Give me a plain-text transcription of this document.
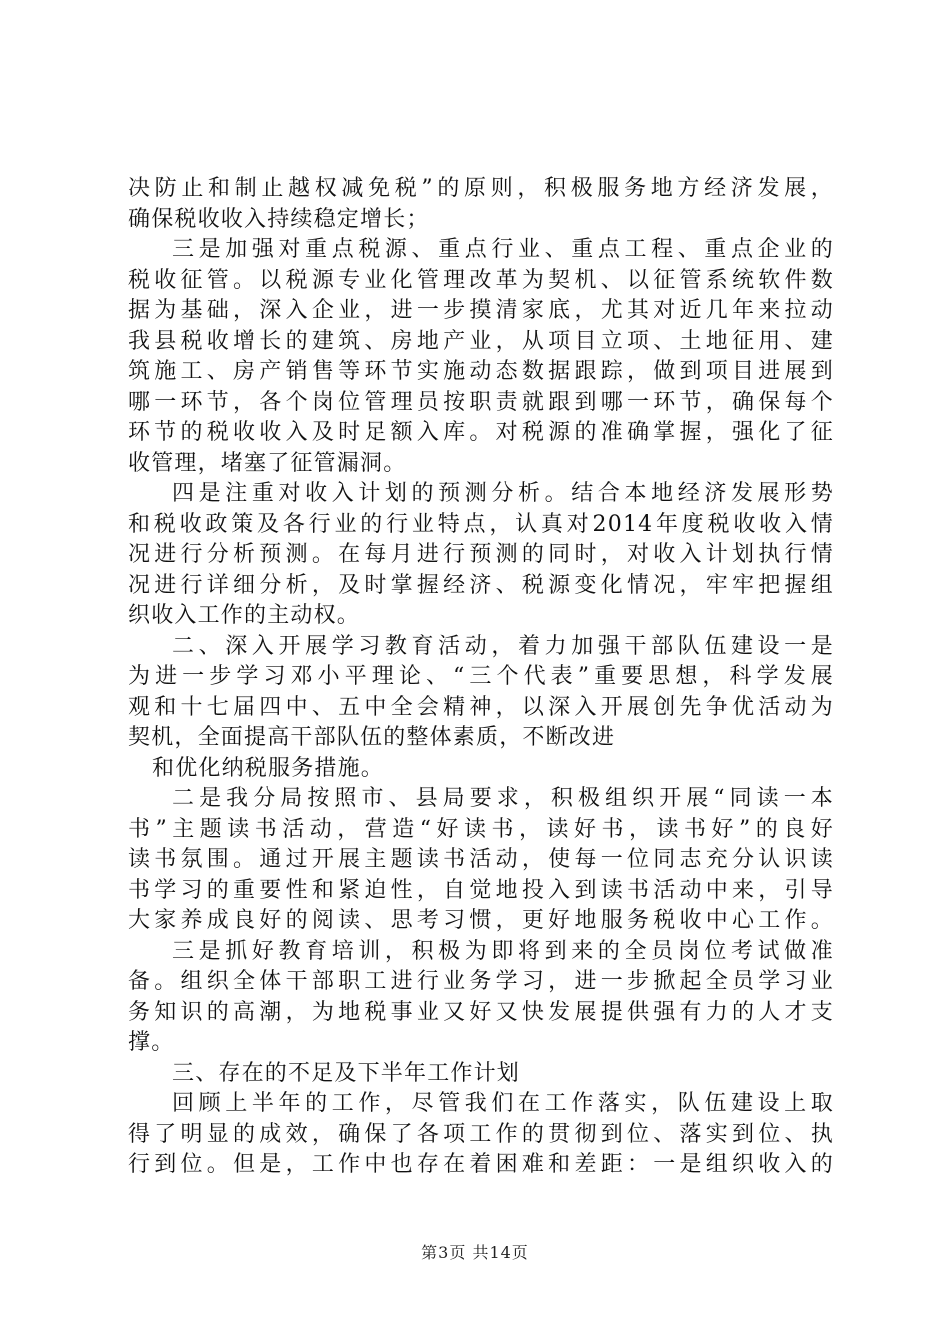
决防止和制止越权减免税”的原则，积极服务地方经济发展，
确保税收收入持续稳定增长；
三是加强对重点税源、重点行业、重点工程、重点企业的
税收征管。以税源专业化管理改革为契机、以征管系统软件数
据为基础，深入企业，进一步摸清家底，尤其对近几年来拉动
我县税收增长的建筑、房地产业，从项目立项、土地征用、建
筑施工、房产销售等环节实施动态数据跟踪，做到项目进展到
哪一环节，各个岗位管理员按职责就跟到哪一环节，确保每个
环节的税收收入及时足额入库。对税源的准确掌握，强化了征
收管理，堵塞了征管漏洞。
四是注重对收入计划的预测分析。结合本地经济发展形势
和税收政策及各行业的行业特点，认真对2014年度税收收入情
况进行分析预测。在每月进行预测的同时，对收入计划执行情
况进行详细分析，及时掌握经济、税源变化情况，牢牢把握组
织收入工作的主动权。
二、深入开展学习教育活动，着力加强干部队伍建设一是
为进一步学习邓小平理论、“三个代表”重要思想，科学发展
观和十七届四中、五中全会精神，以深入开展创先争优活动为
契机，全面提高干部队伍的整体素质，不断改进
和优化纳税服务措施。
二是我分局按照市、县局要求，积极组织开展“同读一本
书”主题读书活动，营造“好读书，读好书，读书好”的良好
读书氛围。通过开展主题读书活动，使每一位同志充分认识读
书学习的重要性和紧迫性，自觉地投入到读书活动中来，引导
大家养成良好的阅读、思考习惯，更好地服务税收中心工作。
三是抓好教育培训，积极为即将到来的全员岗位考试做准
备。组织全体干部职工进行业务学习，进一步掀起全员学习业
务知识的高潮，为地税事业又好又快发展提供强有力的人才支
撑。
三、存在的不足及下半年工作计划
回顾上半年的工作，尽管我们在工作落实，队伍建设上取
得了明显的成效，确保了各项工作的贯彻到位、落实到位、执
行到位。但是，工作中也存在着困难和差距：一是组织收入的
第3页 共14页
